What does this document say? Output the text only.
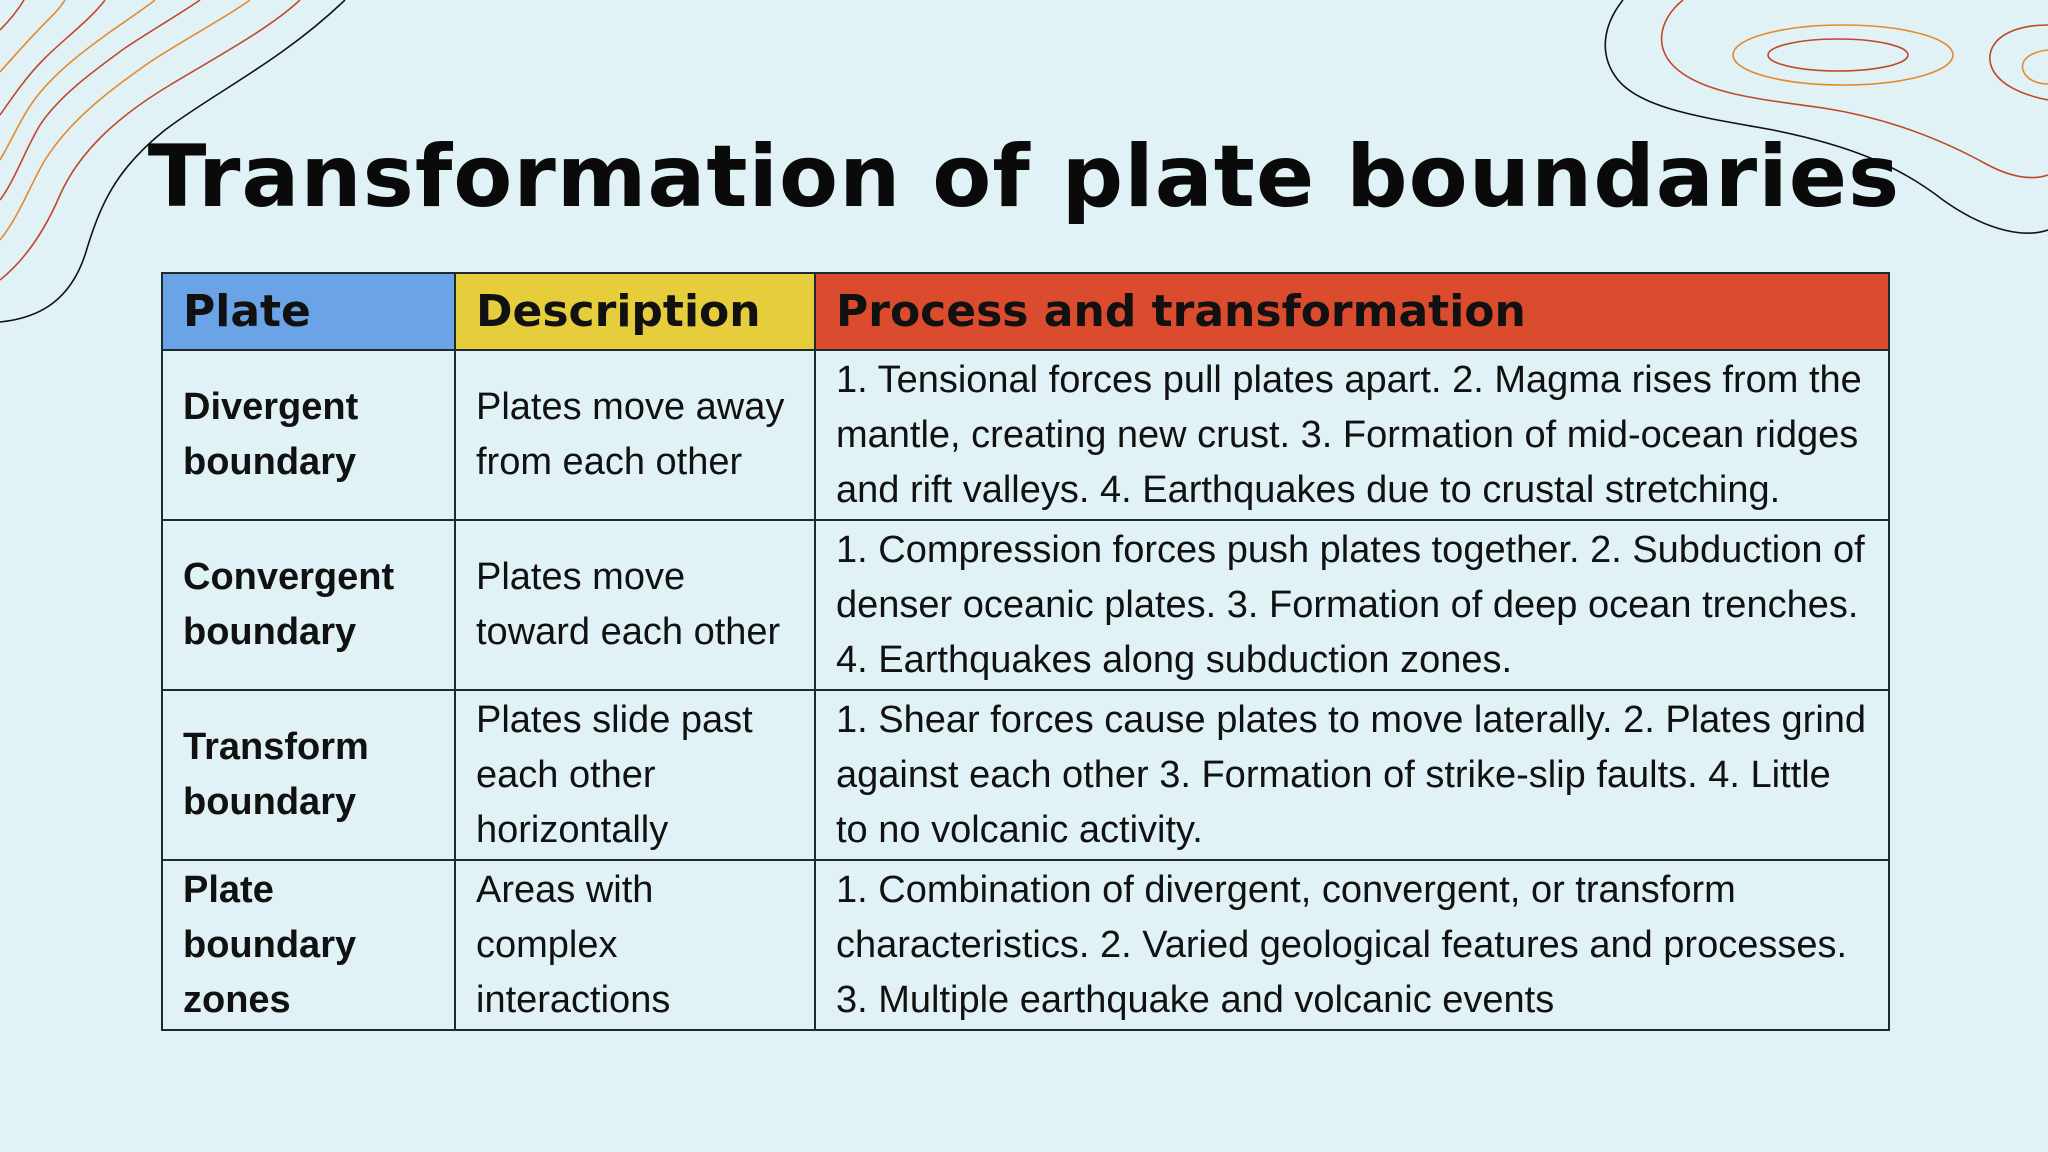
Transformation of plate boundaries
Plate	Description	Process and transformation
Divergent boundary	Plates move away from each other	1. Tensional forces pull plates apart. 2. Magma rises from the mantle, creating new crust. 3. Formation of mid-ocean ridges and rift valleys. 4. Earthquakes due to crustal stretching.
Convergent boundary	Plates move toward each other	1. Compression forces push plates together. 2. Subduction of denser oceanic plates. 3. Formation of deep ocean trenches. 4. Earthquakes along subduction zones.
Transform boundary	Plates slide past each other horizontally	1. Shear forces cause plates to move laterally. 2. Plates grind against each other 3. Formation of strike-slip faults. 4. Little to no volcanic activity.
Plate boundary zones	Areas with complex interactions	1. Combination of divergent, convergent, or transform characteristics. 2. Varied geological features and processes. 3. Multiple earthquake and volcanic events
